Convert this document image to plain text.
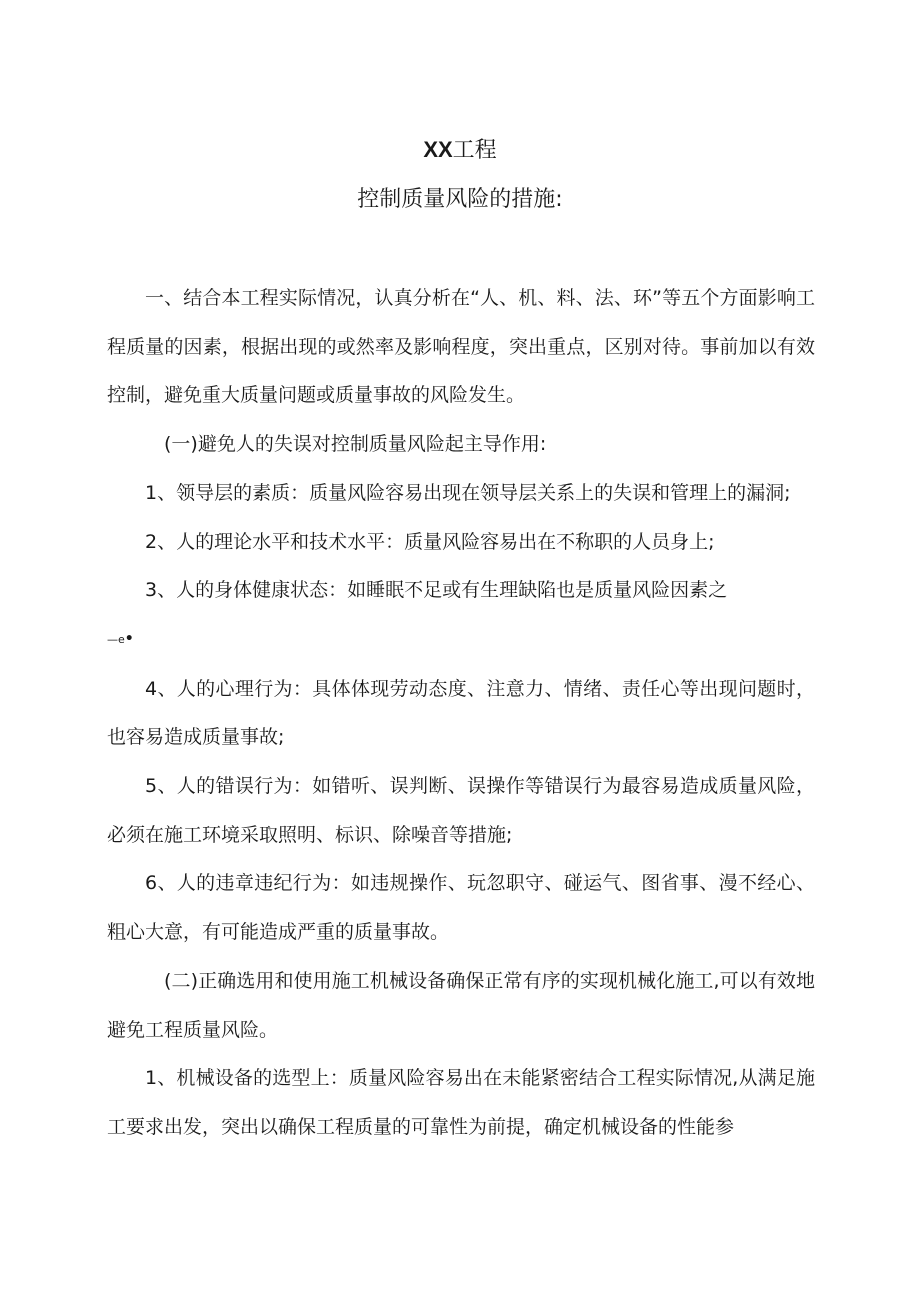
XX工程
控制质量风险的措施:

一、结合本工程实际情况，认真分析在“人、机、料、法、环”等五个方面影响工程质量的因素，根据出现的或然率及影响程度，突出重点，区别对待。事前加以有效控制，避免重大质量问题或质量事故的风险发生。

(一)避免人的失误对控制质量风险起主导作用:

1、领导层的素质：质量风险容易出现在领导层关系上的失误和管理上的漏洞;

2、人的理论水平和技术水平：质量风险容易出在不称职的人员身上;

3、人的身体健康状态：如睡眠不足或有生理缺陷也是质量风险因素之

—e•

4、人的心理行为：具体体现劳动态度、注意力、情绪、责任心等出现问题时，也容易造成质量事故;

5、人的错误行为：如错听、误判断、误操作等错误行为最容易造成质量风险，必须在施工环境采取照明、标识、除噪音等措施;

6、人的违章违纪行为：如违规操作、玩忽职守、碰运气、图省事、漫不经心、粗心大意，有可能造成严重的质量事故。

(二)正确选用和使用施工机械设备确保正常有序的实现机械化施工,可以有效地避免工程质量风险。

1、机械设备的选型上：质量风险容易出在未能紧密结合工程实际情况,从满足施工要求出发，突出以确保工程质量的可靠性为前提，确定机械设备的性能参
